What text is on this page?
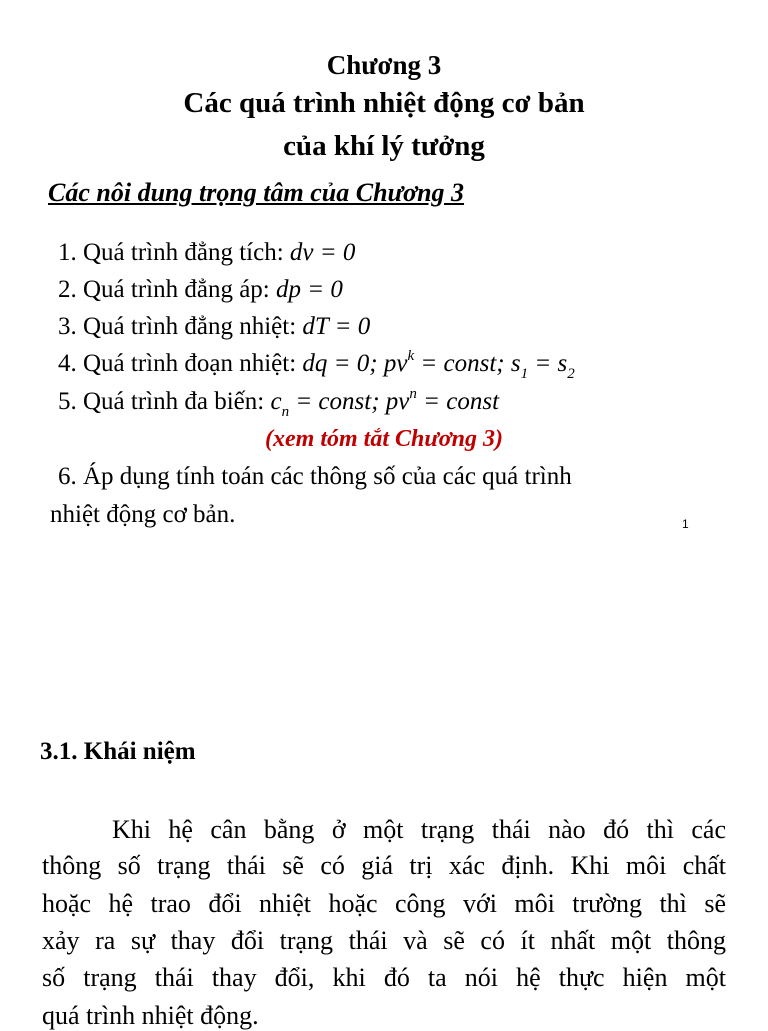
Chương 3
Các quá trình nhiệt động cơ bản
của khí lý tưởng
Các nôi dung trọng tâm của Chương 3
1. Quá trình đẳng tích: dv = 0
2. Quá trình đẳng áp: dp = 0
3. Quá trình đẳng nhiệt: dT = 0
4. Quá trình đoạn nhiệt: dq = 0; $pv^k$ = const; $s_1 = s_2$
5. Quá trình đa biến: $c_n$ = const; $pv^n$ = const
(xem tóm tắt Chương 3)
6. Áp dụng tính toán các thông số của các quá trình
nhiệt động cơ bản.	1
3.1. Khái niệm
Khi hệ cân bằng ở một trạng thái nào đó thì các
thông số trạng thái sẽ có giá trị xác định. Khi môi chất
hoặc hệ trao đổi nhiệt hoặc công với môi trường thì sẽ
xảy ra sự thay đổi trạng thái và sẽ có ít nhất một thông
số trạng thái thay đổi, khi đó ta nói hệ thực hiện một
quá trình nhiệt động.
